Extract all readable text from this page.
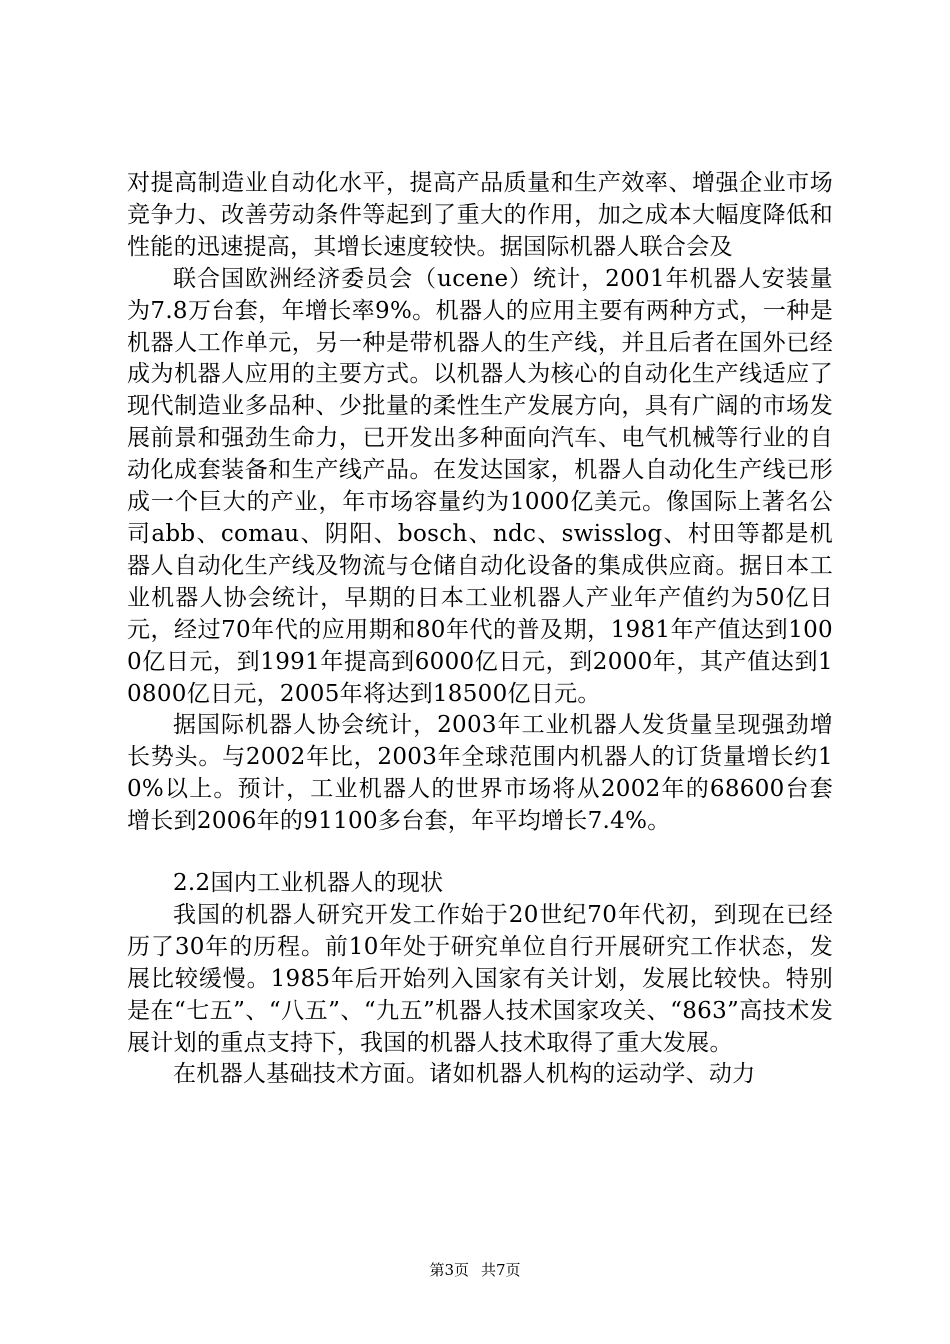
对提高制造业自动化水平，提高产品质量和生产效率、增强企业市场竞争力、改善劳动条件等起到了重大的作用，加之成本大幅度降低和性能的迅速提高，其增长速度较快。据国际机器人联合会及

联合国欧洲经济委员会（ucene）统计，2001年机器人安装量为7.8万台套，年增长率9%。机器人的应用主要有两种方式，一种是机器人工作单元，另一种是带机器人的生产线，并且后者在国外已经成为机器人应用的主要方式。以机器人为核心的自动化生产线适应了现代制造业多品种、少批量的柔性生产发展方向，具有广阔的市场发展前景和强劲生命力，已开发出多种面向汽车、电气机械等行业的自动化成套装备和生产线产品。在发达国家，机器人自动化生产线已形成一个巨大的产业，年市场容量约为1000亿美元。像国际上著名公司abb、comau、阴阳、bosch、ndc、swisslog、村田等都是机器人自动化生产线及物流与仓储自动化设备的集成供应商。据日本工业机器人协会统计，早期的日本工业机器人产业年产值约为50亿日元，经过70年代的应用期和80年代的普及期，1981年产值达到1000亿日元，到1991年提高到6000亿日元，到2000年，其产值达到10800亿日元，2005年将达到18500亿日元。

据国际机器人协会统计，2003年工业机器人发货量呈现强劲增长势头。与2002年比，2003年全球范围内机器人的订货量增长约10%以上。预计，工业机器人的世界市场将从2002年的68600台套增长到2006年的91100多台套，年平均增长7.4%。

2.2国内工业机器人的现状

我国的机器人研究开发工作始于20世纪70年代初，到现在已经历了30年的历程。前10年处于研究单位自行开展研究工作状态，发展比较缓慢。1985年后开始列入国家有关计划，发展比较快。特别是在“七五”、“八五”、“九五”机器人技术国家攻关、“863”高技术发展计划的重点支持下，我国的机器人技术取得了重大发展。

在机器人基础技术方面。诸如机器人机构的运动学、动力

第3页 共7页
